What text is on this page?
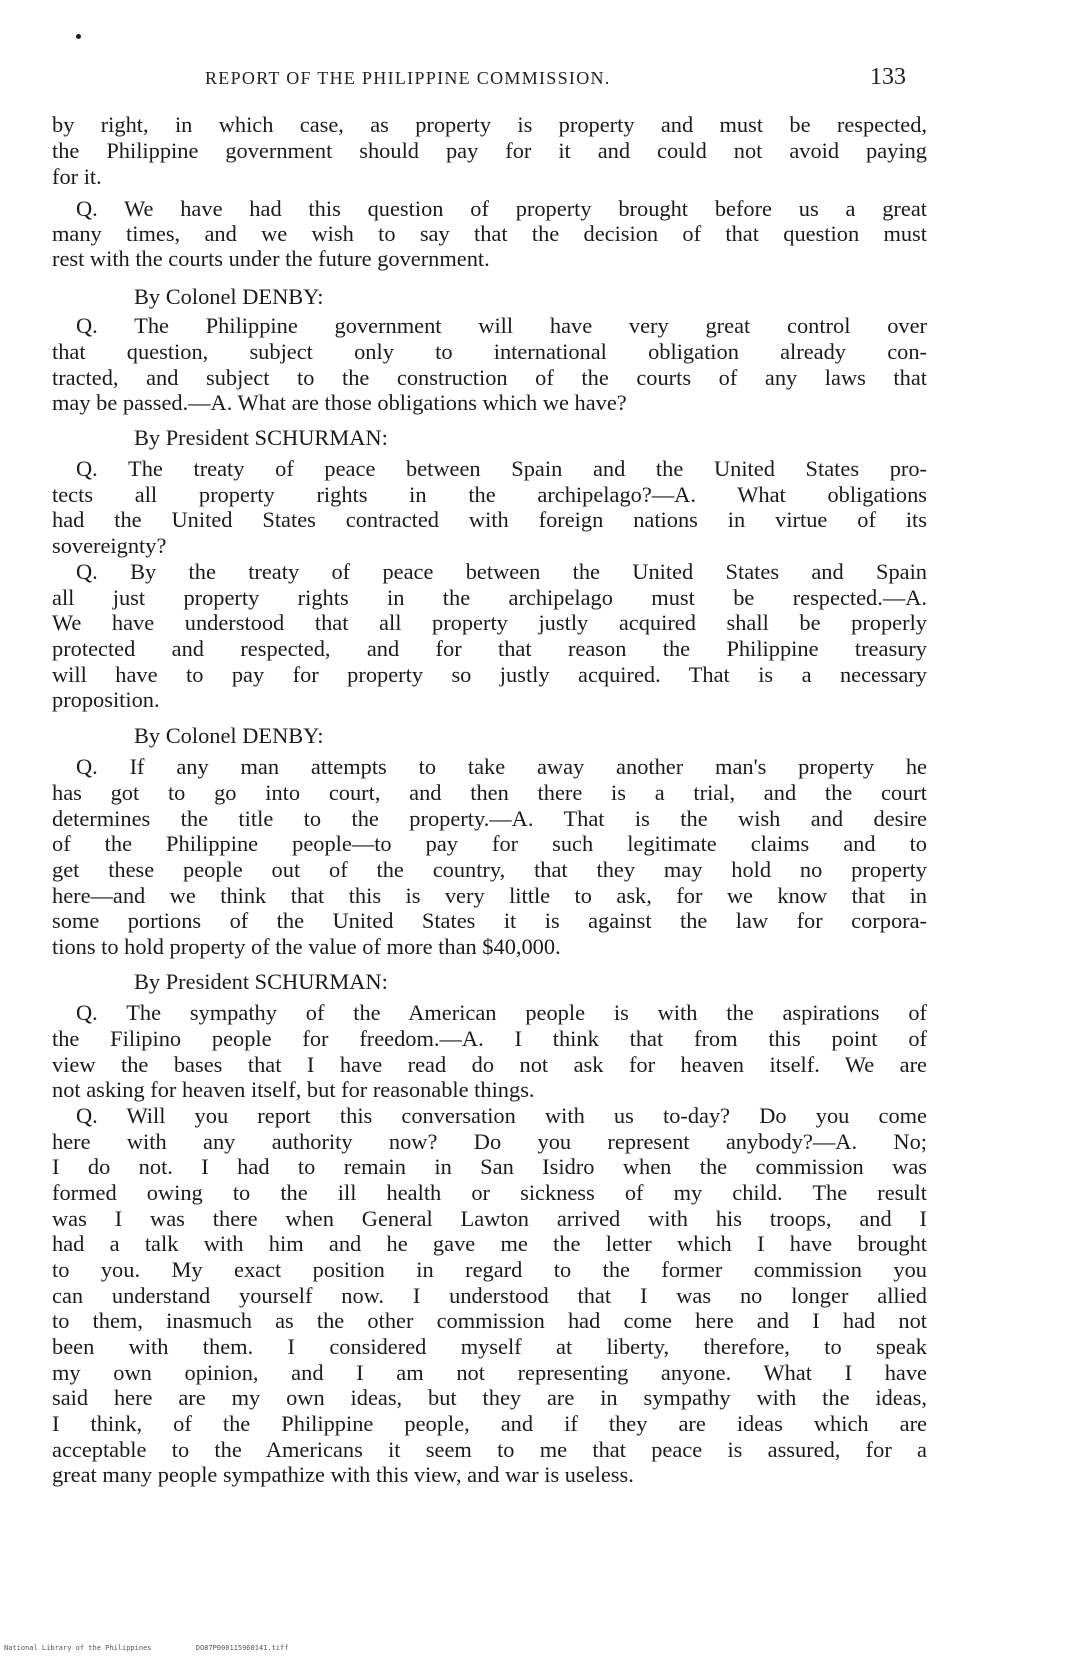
REPORT OF THE PHILIPPINE COMMISSION.	133
by right, in which case, as property is property and must be respected,
the Philippine government should pay for it and could not avoid paying
for it.
Q. We have had this question of property brought before us a great
many times, and we wish to say that the decision of that question must
rest with the courts under the future government.
By Colonel DENBY:
Q. The Philippine government will have very great control over
that question, subject only to international obligation already con-
tracted, and subject to the construction of the courts of any laws that
may be passed.—A. What are those obligations which we have?
By President SCHURMAN:
Q. The treaty of peace between Spain and the United States pro-
tects all property rights in the archipelago?—A. What obligations
had the United States contracted with foreign nations in virtue of its
sovereignty?
Q. By the treaty of peace between the United States and Spain
all just property rights in the archipelago must be respected.—A.
We have understood that all property justly acquired shall be properly
protected and respected, and for that reason the Philippine treasury
will have to pay for property so justly acquired. That is a necessary
proposition.
By Colonel DENBY:
Q. If any man attempts to take away another man's property he
has got to go into court, and then there is a trial, and the court
determines the title to the property.—A. That is the wish and desire
of the Philippine people—to pay for such legitimate claims and to
get these people out of the country, that they may hold no property
here—and we think that this is very little to ask, for we know that in
some portions of the United States it is against the law for corpora-
tions to hold property of the value of more than $40,000.
By President SCHURMAN:
Q. The sympathy of the American people is with the aspirations of
the Filipino people for freedom.—A. I think that from this point of
view the bases that I have read do not ask for heaven itself. We are
not asking for heaven itself, but for reasonable things.
Q. Will you report this conversation with us to-day? Do you come
here with any authority now? Do you represent anybody?—A. No;
I do not. I had to remain in San Isidro when the commission was
formed owing to the ill health or sickness of my child. The result
was I was there when General Lawton arrived with his troops, and I
had a talk with him and he gave me the letter which I have brought
to you. My exact position in regard to the former commission you
can understand yourself now. I understood that I was no longer allied
to them, inasmuch as the other commission had come here and I had not
been with them. I considered myself at liberty, therefore, to speak
my own opinion, and I am not representing anyone. What I have
said here are my own ideas, but they are in sympathy with the ideas,
I think, of the Philippine people, and if they are ideas which are
acceptable to the Americans it seem to me that peace is assured, for a
great many people sympathize with this view, and war is useless.
National Library of the Philippines	DO87P000115960141.tiff
